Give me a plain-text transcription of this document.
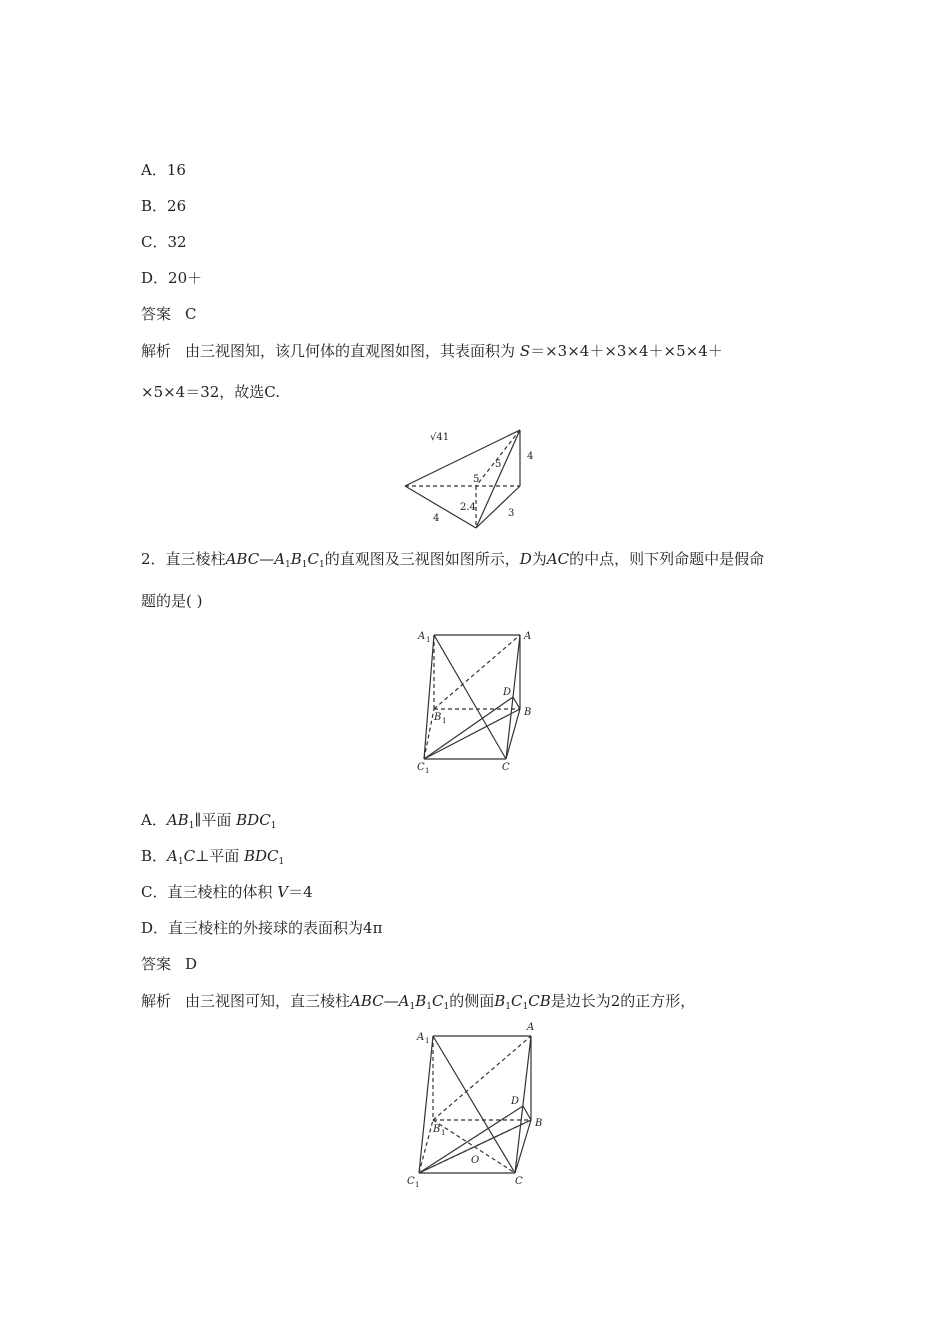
A．16
B．26
C．32
D．20＋
答案 C
解析 由三视图知，该几何体的直观图如图，其表面积为 S＝×3×4＋×3×4＋×5×4＋
×5×4＝32，故选C.
√41
4
5
5
2.4
4	3
2．直三棱柱$ABC—A_1B_1C_1$的直观图及三视图如图所示，D为AC的中点，则下列命题中是假命
题的是( )
A 1	A
D
B 1
B
C 1	C
A．$AB_1\parallel$平面 $BDC_1$
B．$A_1C\perp$平面 $BDC_1$
C．直三棱柱的体积 V＝4
D．直三棱柱的外接球的表面积为4π
答案 D
解析 由三视图可知，直三棱柱$ABC—A_1B_1C_1$的侧面$B_1C_1CB$是边长为2的正方形，
A 1
A
D
B 1
B
O
C 1	C
